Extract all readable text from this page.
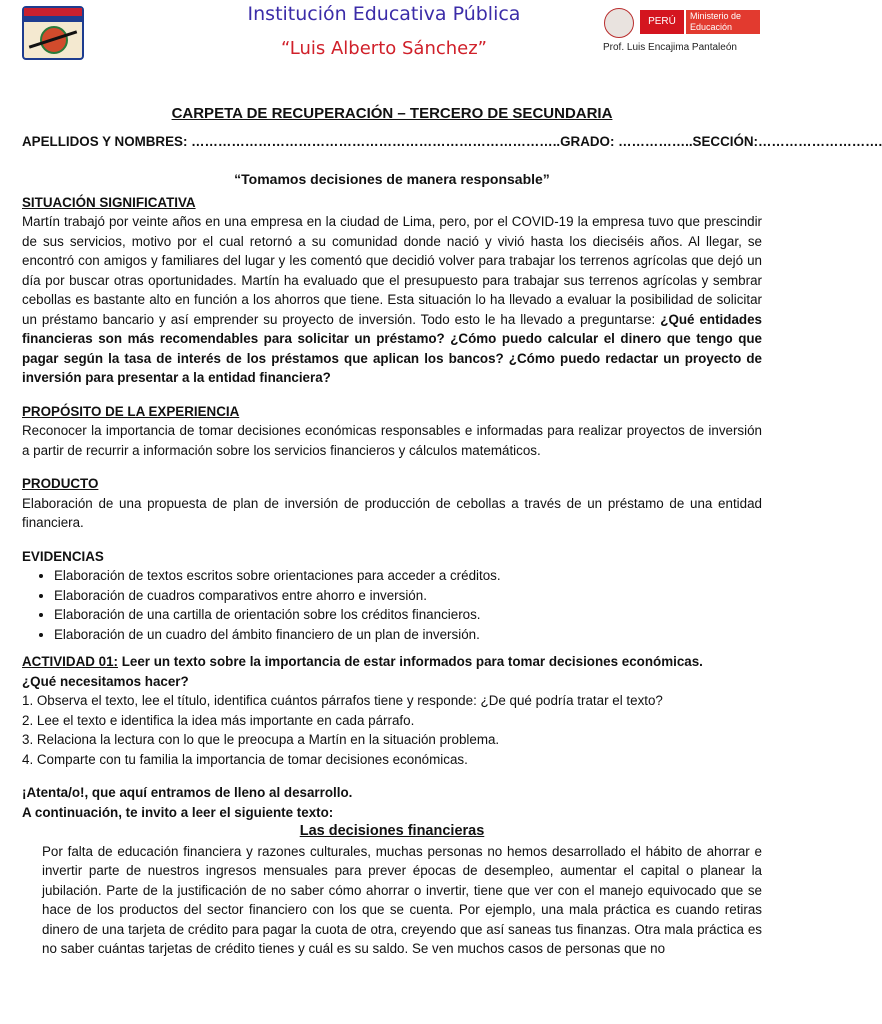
Institución Educativa Pública
“Luis Alberto Sánchez”
PERÚ	Ministerio de Educación
Prof. Luis Encajima Pantaleón
CARPETA DE RECUPERACIÓN – TERCERO DE SECUNDARIA
APELLIDOS Y NOMBRES: ………………………………………………………………………..GRADO: ……………..SECCIÓN:……………………….
“Tomamos decisiones de manera responsable”
SITUACIÓN SIGNIFICATIVA

Martín trabajó por veinte años en una empresa en la ciudad de Lima, pero, por el COVID-19 la empresa tuvo que prescindir de sus servicios, motivo por el cual retornó a su comunidad donde nació y vivió hasta los dieciséis años. Al llegar, se encontró con amigos y familiares del lugar y les comentó que decidió volver para trabajar los terrenos agrícolas que dejó un día por buscar otras oportunidades. Martín ha evaluado que el presupuesto para trabajar sus terrenos agrícolas y sembrar cebollas es bastante alto en función a los ahorros que tiene. Esta situación lo ha llevado a evaluar la posibilidad de solicitar un préstamo bancario y así emprender su proyecto de inversión. Todo esto le ha llevado a preguntarse: ¿Qué entidades financieras son más recomendables para solicitar un préstamo? ¿Cómo puedo calcular el dinero que tengo que pagar según la tasa de interés de los préstamos que aplican los bancos? ¿Cómo puedo redactar un proyecto de inversión para presentar a la entidad financiera?

PROPÓSITO DE LA EXPERIENCIA

Reconocer la importancia de tomar decisiones económicas responsables e informadas para realizar proyectos de inversión a partir de recurrir a información sobre los servicios financieros y cálculos matemáticos.

PRODUCTO

Elaboración de una propuesta de plan de inversión de producción de cebollas a través de un préstamo de una entidad financiera.

EVIDENCIAS
• Elaboración de textos escritos sobre orientaciones para acceder a créditos.
• Elaboración de cuadros comparativos entre ahorro e inversión.
• Elaboración de una cartilla de orientación sobre los créditos financieros.
• Elaboración de un cuadro del ámbito financiero de un plan de inversión.
ACTIVIDAD 01: Leer un texto sobre la importancia de estar informados para tomar decisiones económicas.
¿Qué necesitamos hacer?
1. Observa el texto, lee el título, identifica cuántos párrafos tiene y responde: ¿De qué podría tratar el texto?
2. Lee el texto e identifica la idea más importante en cada párrafo.
3. Relaciona la lectura con lo que le preocupa a Martín en la situación problema.
4. Comparte con tu familia la importancia de tomar decisiones económicas.
¡Atenta/o!, que aquí entramos de lleno al desarrollo.
A continuación, te invito a leer el siguiente texto:
Las decisiones financieras

Por falta de educación financiera y razones culturales, muchas personas no hemos desarrollado el hábito de ahorrar e invertir parte de nuestros ingresos mensuales para prever épocas de desempleo, aumentar el capital o planear la jubilación. Parte de la justificación de no saber cómo ahorrar o invertir, tiene que ver con el manejo equivocado que se hace de los productos del sector financiero con los que se cuenta. Por ejemplo, una mala práctica es cuando retiras dinero de una tarjeta de crédito para pagar la cuota de otra, creyendo que así saneas tus finanzas. Otra mala práctica es no saber cuántas tarjetas de crédito tienes y cuál es su saldo. Se ven muchos casos de personas que no
